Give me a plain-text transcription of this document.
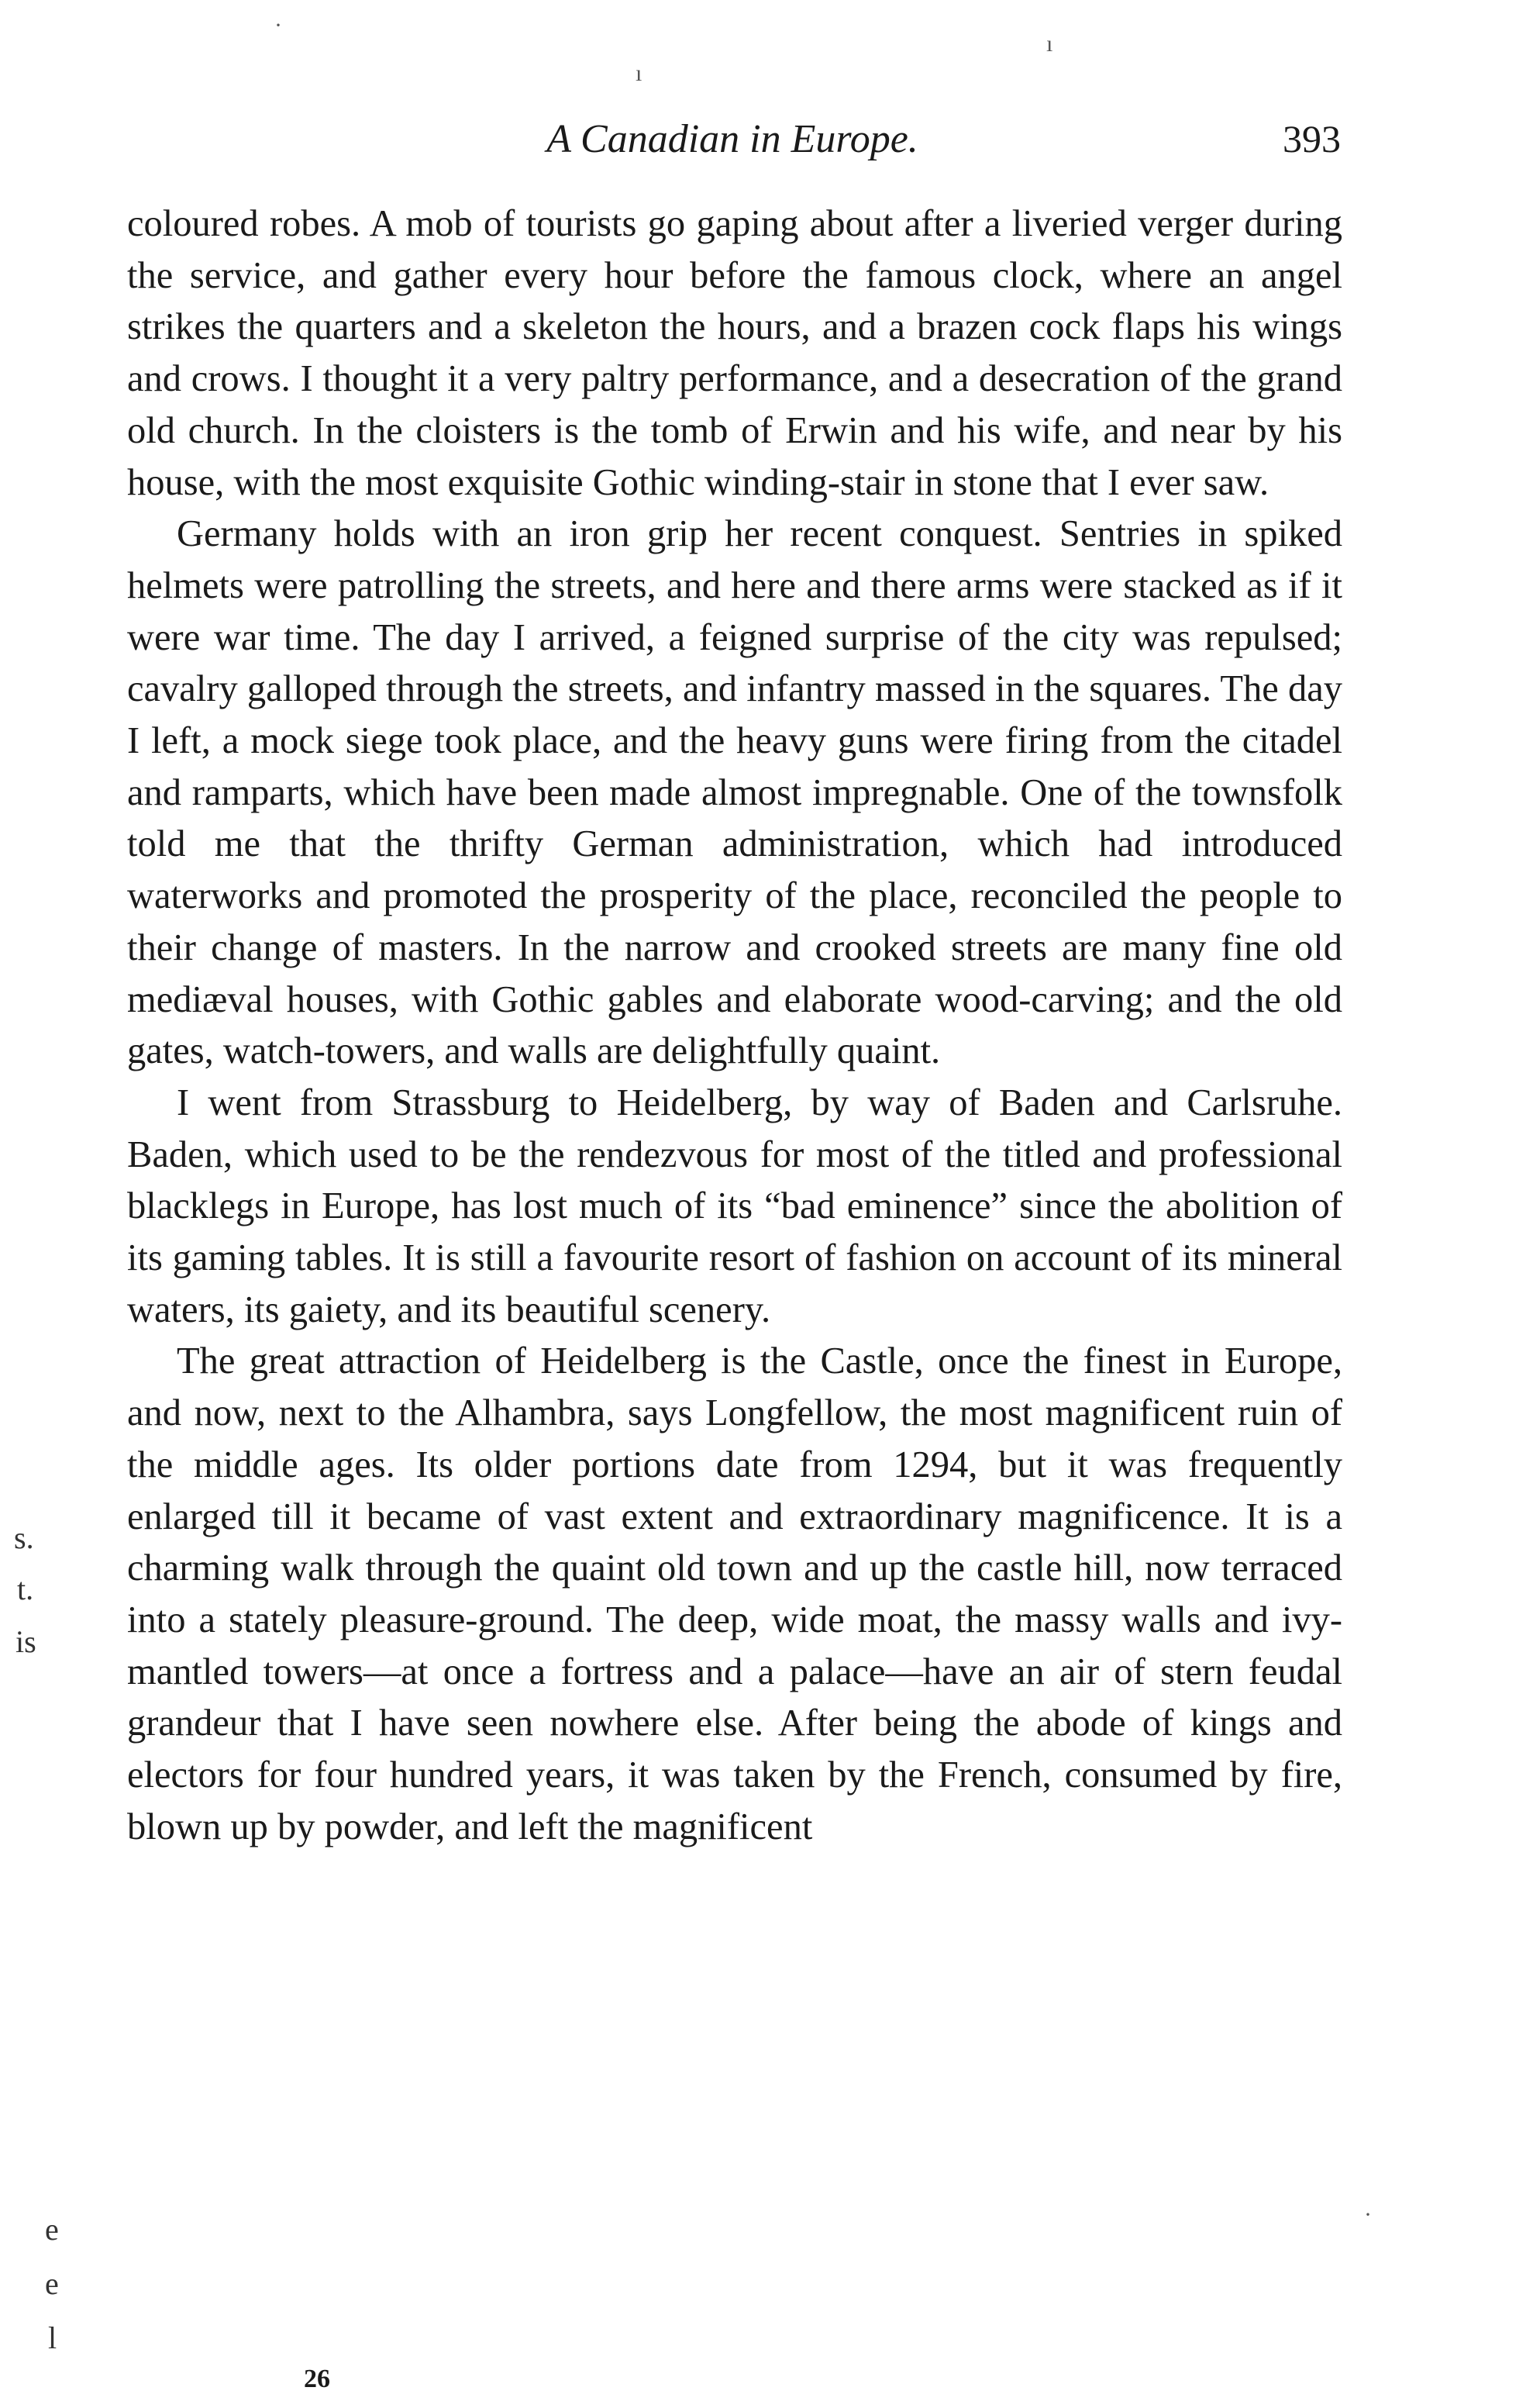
A Canadian in Europe.	393

coloured robes. A mob of tourists go gaping about after a liveried verger during the service, and gather every hour before the famous clock, where an angel strikes the quarters and a skeleton the hours, and a brazen cock flaps his wings and crows. I thought it a very paltry performance, and a desecration of the grand old church. In the cloisters is the tomb of Erwin and his wife, and near by his house, with the most exquisite Gothic winding-stair in stone that I ever saw.

Germany holds with an iron grip her recent conquest. Sentries in spiked helmets were patrolling the streets, and here and there arms were stacked as if it were war time. The day I arrived, a feigned surprise of the city was repulsed; cavalry galloped through the streets, and infantry massed in the squares. The day I left, a mock siege took place, and the heavy guns were firing from the citadel and ramparts, which have been made almost impregnable. One of the townsfolk told me that the thrifty German administration, which had introduced waterworks and promoted the prosperity of the place, reconciled the people to their change of masters. In the narrow and crooked streets are many fine old mediæval houses, with Gothic gables and elaborate wood-carving; and the old gates, watch-towers, and walls are delightfully quaint.

I went from Strassburg to Heidelberg, by way of Baden and Carlsruhe. Baden, which used to be the rendezvous for most of the titled and professional blacklegs in Europe, has lost much of its “bad eminence” since the abolition of its gaming tables. It is still a favourite resort of fashion on account of its mineral waters, its gaiety, and its beautiful scenery.

The great attraction of Heidelberg is the Castle, once the finest in Europe, and now, next to the Alhambra, says Longfellow, the most magnificent ruin of the middle ages. Its older portions date from 1294, but it was frequently enlarged till it became of vast extent and extraordinary magnificence. It is a charming walk through the quaint old town and up the castle hill, now terraced into a stately pleasure-ground. The deep, wide moat, the massy walls and ivy-mantled towers—at once a fortress and a palace—have an air of stern feudal grandeur that I have seen nowhere else. After being the abode of kings and electors for four hundred years, it was taken by the French, consumed by fire, blown up by powder, and left the magnificent

26
s.
t.
is
e
e
l
·
ı
ı
·
